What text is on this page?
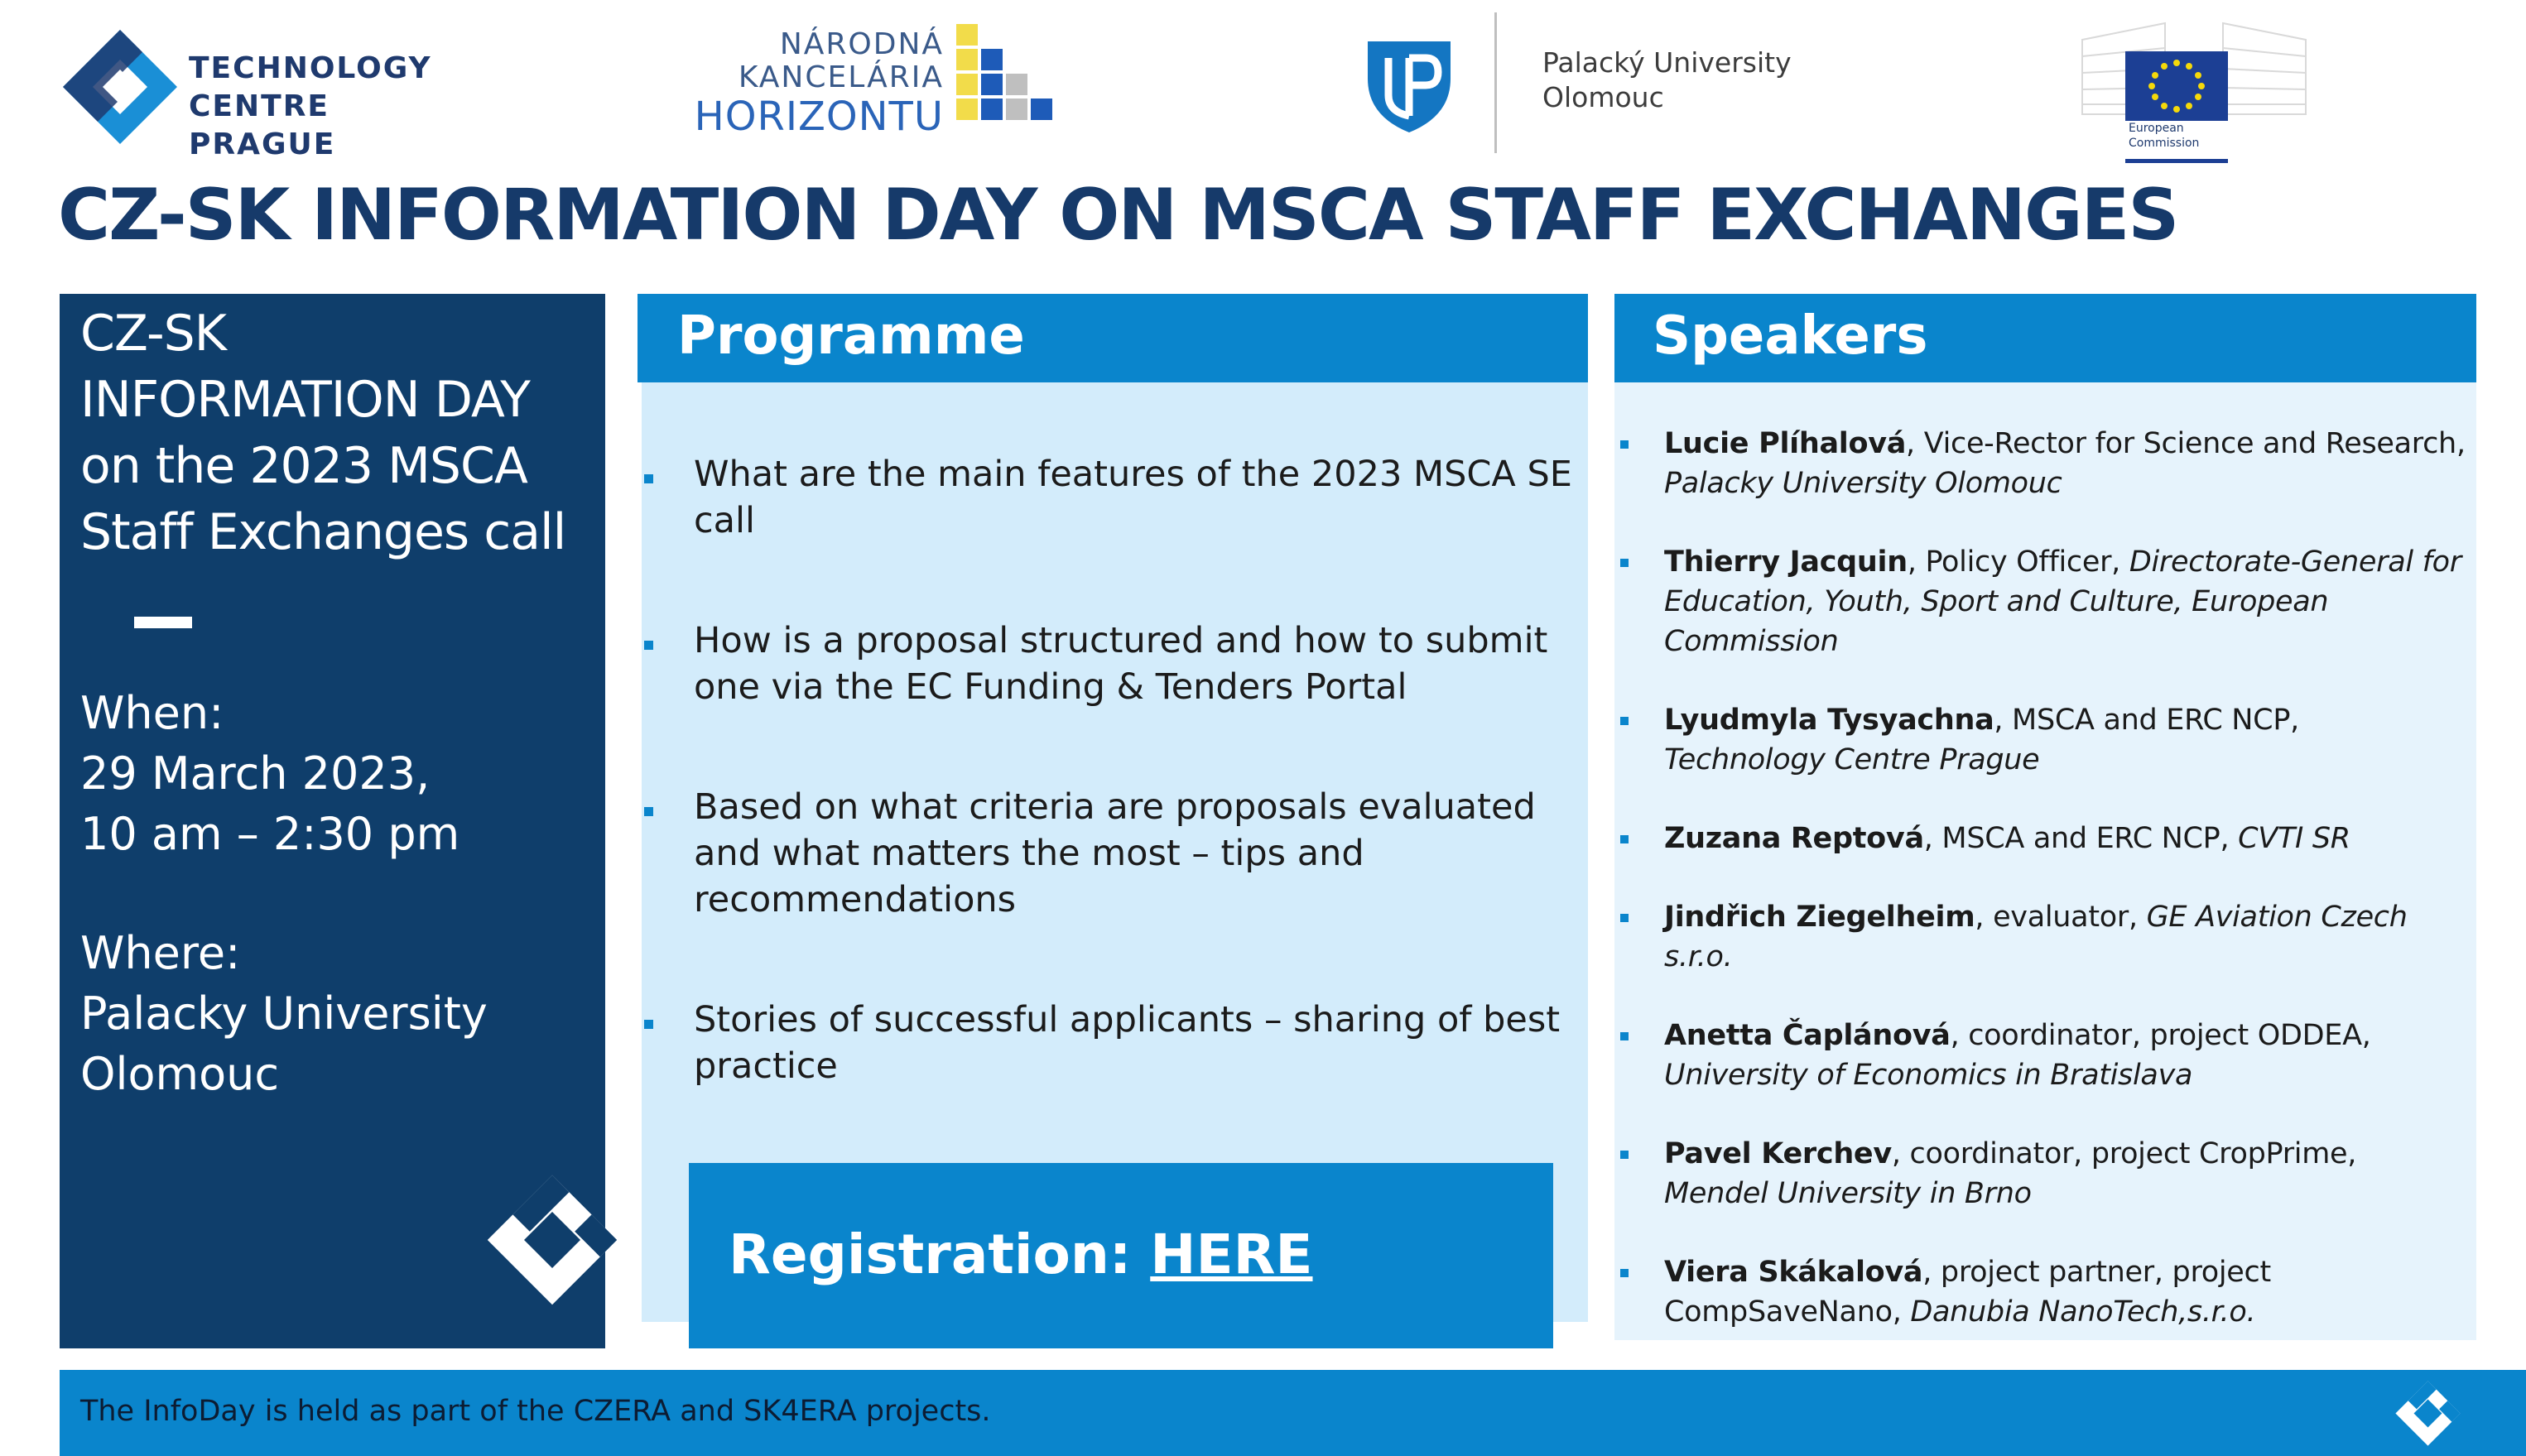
TECHNOLOGY
CENTRE PRAGUE
NÁRODNÁ
KANCELÁRIA
HORIZONTU
Palacký University
Olomouc
European
Commission
CZ-SK INFORMATION DAY ON MSCA STAFF EXCHANGES
CZ-SK
INFORMATION DAY
on the 2023 MSCA
Staff Exchanges call
When:
29 March 2023,
10 am – 2:30 pm
Where:
Palacky University
Olomouc
Programme
What are the main features of the 2023 MSCA SE call
How is a proposal structured and how to submit one via the EC Funding & Tenders Portal
Based on what criteria are proposals evaluated and what matters the most – tips and recommendations
Stories of successful applicants – sharing of best practice
Registration: HERE
Speakers
Lucie Plíhalová, Vice-Rector for Science and Research, Palacky University Olomouc
Thierry Jacquin, Policy Officer, Directorate-General for Education, Youth, Sport and Culture, European Commission
Lyudmyla Tysyachna, MSCA and ERC NCP, Technology Centre Prague
Zuzana Reptová, MSCA and ERC NCP, CVTI SR
Jindřich Ziegelheim, evaluator, GE Aviation Czech s.r.o.
Anetta Čaplánová, coordinator, project ODDEA, University of Economics in Bratislava
Pavel Kerchev, coordinator, project CropPrime, Mendel University in Brno
Viera Skákalová, project partner, project CompSaveNano, Danubia NanoTech,s.r.o.
The InfoDay is held as part of the CZERA and SK4ERA projects.
